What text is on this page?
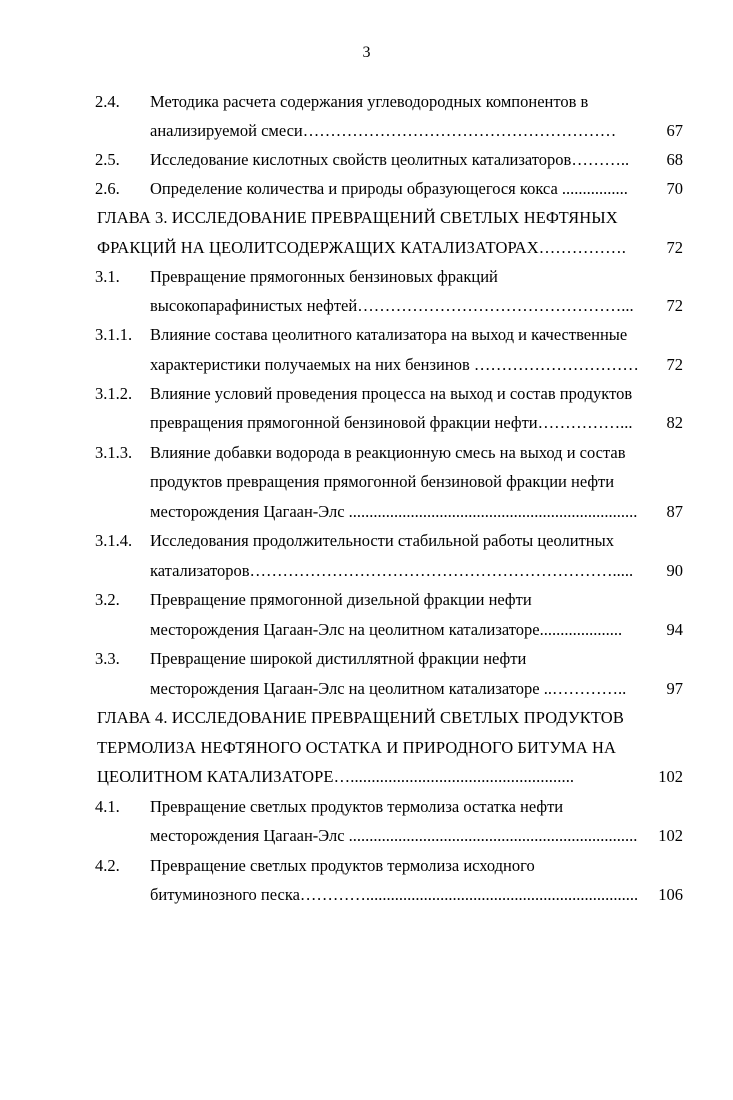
3
2.4. Методика расчета содержания углеводородных компонентов в
анализируемой смеси…………………………………………………	67
2.5. Исследование кислотных свойств цеолитных катализаторов……….. 68
2.6. Определение количества и природы образующегося кокса ................ 70
ГЛАВА 3. ИССЛЕДОВАНИЕ ПРЕВРАЩЕНИЙ СВЕТЛЫХ НЕФТЯНЫХ
ФРАКЦИЙ НА ЦЕОЛИТСОДЕРЖАЩИХ КАТАЛИЗАТОРАХ……………. 72
3.1. Превращение прямогонных бензиновых фракций
высокопарафинистых нефтей…………………………………………... 72
3.1.1. Влияние состава цеолитного катализатора на выход и качественные
характеристики получаемых на них бензинов ………………………… 72
3.1.2. Влияние условий проведения процесса на выход и состав продуктов
превращения прямогонной бензиновой фракции нефти……………... 82
3.1.3. Влияние добавки водорода в реакционную смесь на выход и состав
продуктов превращения прямогонной бензиновой фракции нефти
месторождения Цагаан-Элс ...................................................................... 87
3.1.4. Исследования продолжительности стабильной работы цеолитных
катализаторов…………………………………………………………..... 90
3.2. Превращение прямогонной дизельной фракции нефти
месторождения Цагаан-Элс на цеолитном катализаторе....................	94
3.3. Превращение широкой дистиллятной фракции нефти
месторождения Цагаан-Элс на цеолитном катализаторе ..………….. 97
ГЛАВА 4. ИССЛЕДОВАНИЕ ПРЕВРАЩЕНИЙ СВЕТЛЫХ ПРОДУКТОВ
ТЕРМОЛИЗА НЕФТЯНОГО ОСТАТКА И ПРИРОДНОГО БИТУМА НА
ЦЕОЛИТНОМ КАТАЛИЗАТОРЕ….....................................................	102
4.1. Превращение светлых продуктов термолиза остатка нефти
месторождения Цагаан-Элс ...................................................................... 102
4.2. Превращение светлых продуктов термолиза исходного
битуминозного песка………….................................................................. 106
